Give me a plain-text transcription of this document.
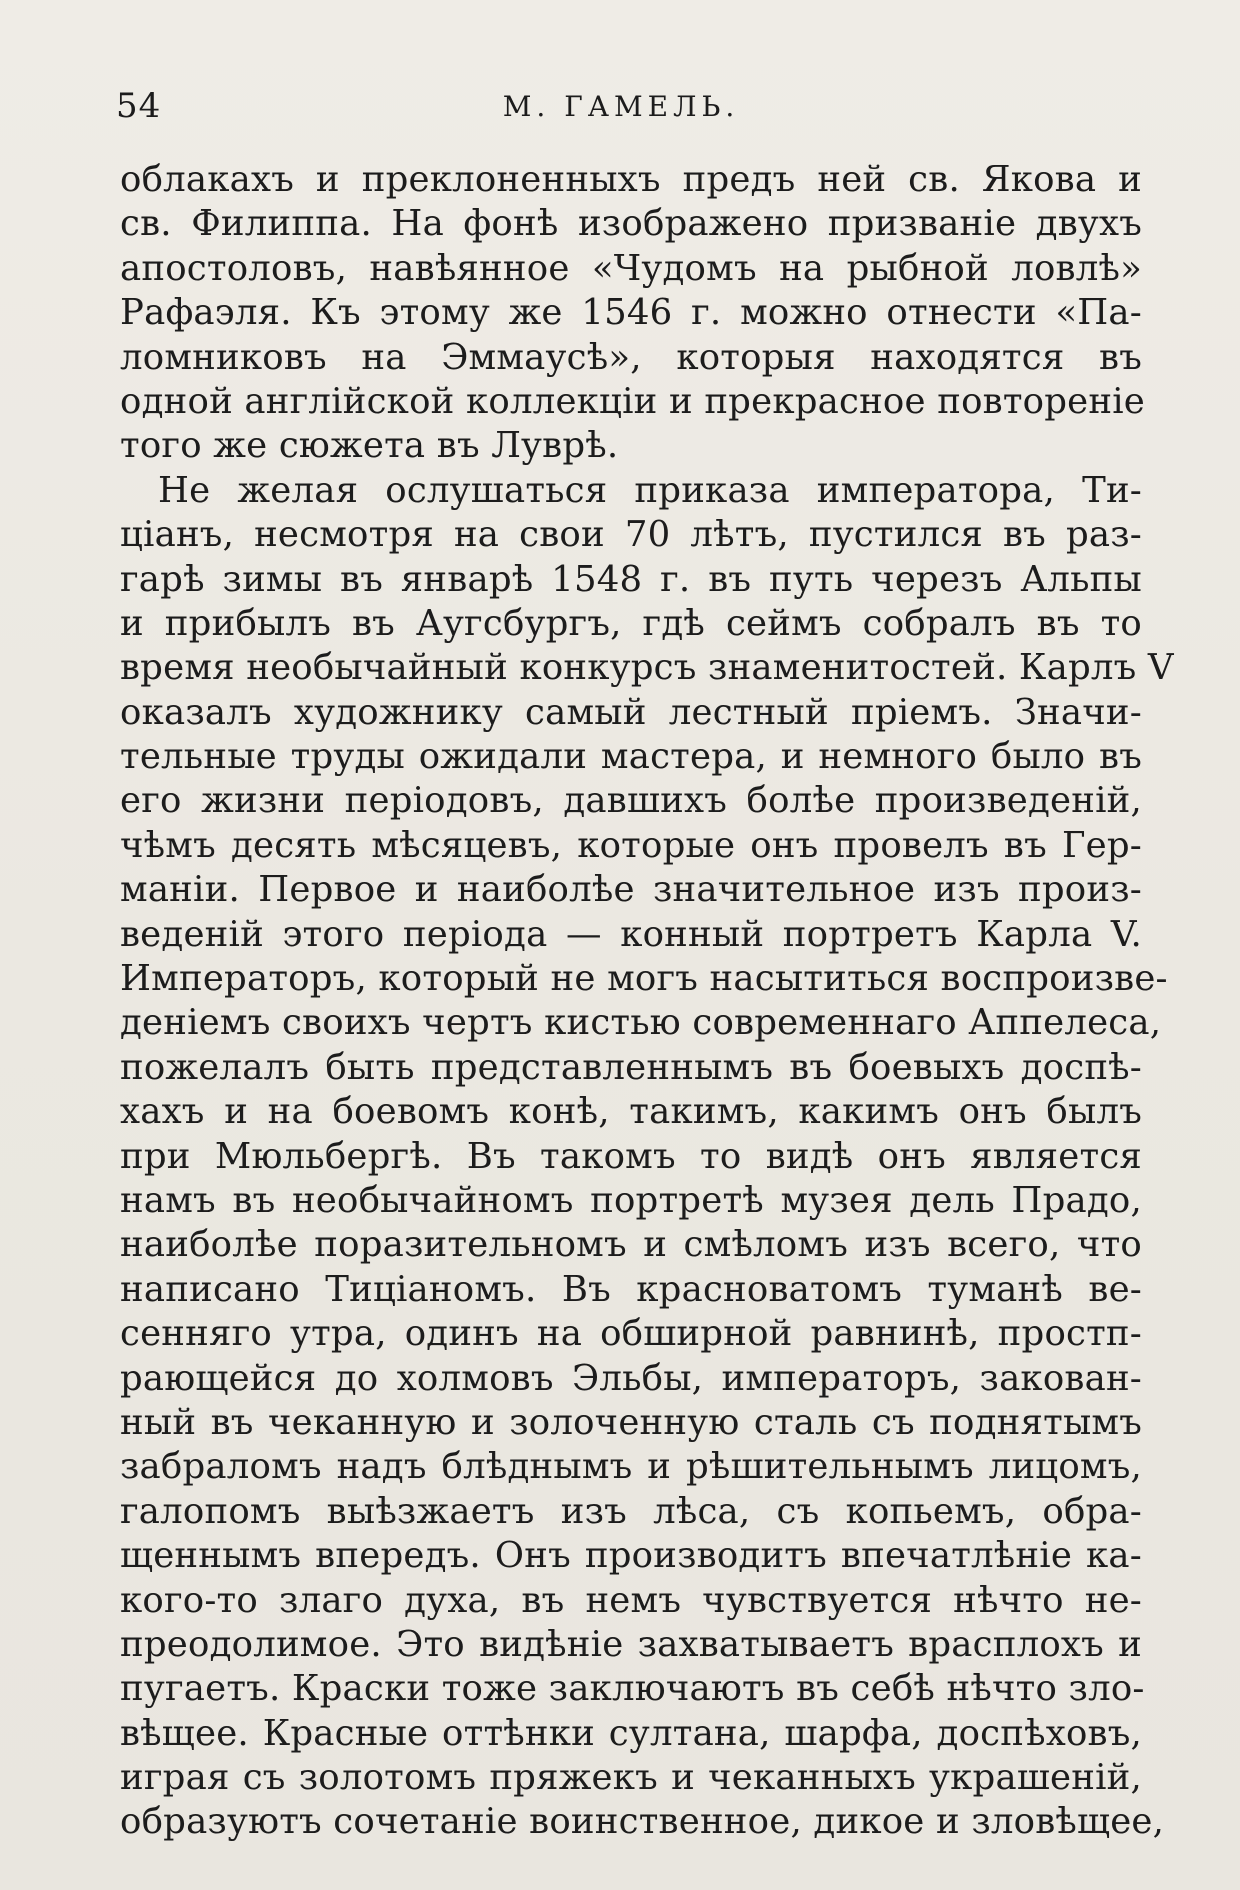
54	М. ГАМЕЛЬ.
облакахъ и преклоненныхъ предъ ней св. Якова и
св. Филиппа. На фонѣ изображено призванiе двухъ
апостоловъ, навѣянное «Чудомъ на рыбной ловлѣ»
Рафаэля. Къ этому же 1546 г. можно отнести «Па-
ломниковъ на Эммаусѣ», которыя находятся въ
одной англiйской коллекцiи и прекрасное повторенiе
того же сюжета въ Луврѣ.
Не желая ослушаться приказа императора, Ти-
цiанъ, несмотря на свои 70 лѣтъ, пустился въ раз-
гарѣ зимы въ январѣ 1548 г. въ путь черезъ Альпы
и прибылъ въ Аугсбургъ, гдѣ сеймъ собралъ въ то
время необычайный конкурсъ знаменитостей. Карлъ V
оказалъ художнику самый лестный прiемъ. Значи-
тельные труды ожидали мастера, и немного было въ
его жизни перiодовъ, давшихъ болѣе произведенiй,
чѣмъ десять мѣсяцевъ, которые онъ провелъ въ Гер-
манiи. Первое и наиболѣе значительное изъ произ-
веденiй этого перiода — конный портретъ Карла V.
Императоръ, который не могъ насытиться воспроизве-
денiемъ своихъ чертъ кистью современнаго Аппелеса,
пожелалъ быть представленнымъ въ боевыхъ доспѣ-
хахъ и на боевомъ конѣ, такимъ, какимъ онъ былъ
при Мюльбергѣ. Въ такомъ то видѣ онъ является
намъ въ необычайномъ портретѣ музея дель Прадо,
наиболѣе поразительномъ и смѣломъ изъ всего, что
написано Тицiаномъ. Въ красноватомъ туманѣ ве-
сенняго утра, одинъ на обширной равнинѣ, простп-
рающейся до холмовъ Эльбы, императоръ, закован-
ный въ чеканную и золоченную сталь съ поднятымъ
забраломъ надъ блѣднымъ и рѣшительнымъ лицомъ,
галопомъ выѣзжаетъ изъ лѣса, съ копьемъ, обра-
щеннымъ впередъ. Онъ производитъ впечатлѣнiе ка-
кого-то злаго духа, въ немъ чувствуется нѣчто не-
преодолимое. Это видѣнiе захватываетъ врасплохъ и
пугаетъ. Краски тоже заключаютъ въ себѣ нѣчто зло-
вѣщее. Красные оттѣнки султана, шарфа, доспѣховъ,
играя съ золотомъ пряжекъ и чеканныхъ украшенiй,
образуютъ сочетанiе воинственное, дикое и зловѣщее,
